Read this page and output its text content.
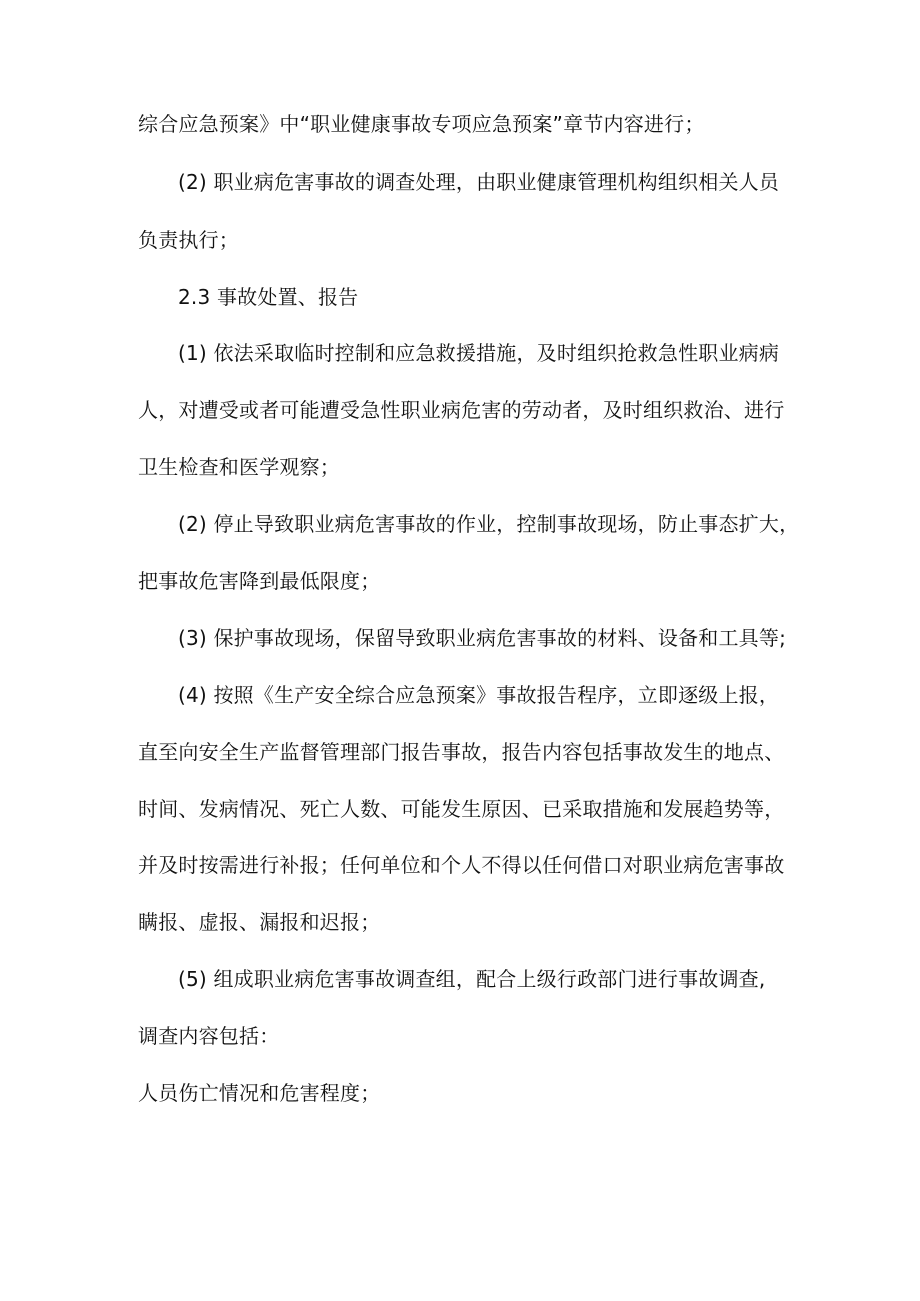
综合应急预案》中“职业健康事故专项应急预案”章节内容进行；
(2) 职业病危害事故的调查处理，由职业健康管理机构组织相关人员
负责执行；
2.3 事故处置、报告
(1) 依法采取临时控制和应急救援措施，及时组织抢救急性职业病病
人，对遭受或者可能遭受急性职业病危害的劳动者，及时组织救治、进行
卫生检查和医学观察；
(2) 停止导致职业病危害事故的作业，控制事故现场，防止事态扩大，
把事故危害降到最低限度；
(3) 保护事故现场，保留导致职业病危害事故的材料、设备和工具等;
(4) 按照《生产安全综合应急预案》事故报告程序，立即逐级上报，
直至向安全生产监督管理部门报告事故，报告内容包括事故发生的地点、
时间、发病情况、死亡人数、可能发生原因、已采取措施和发展趋势等，
并及时按需进行补报；任何单位和个人不得以任何借口对职业病危害事故
瞒报、虚报、漏报和迟报；
(5) 组成职业病危害事故调查组，配合上级行政部门进行事故调查,
调查内容包括：
人员伤亡情况和危害程度；
